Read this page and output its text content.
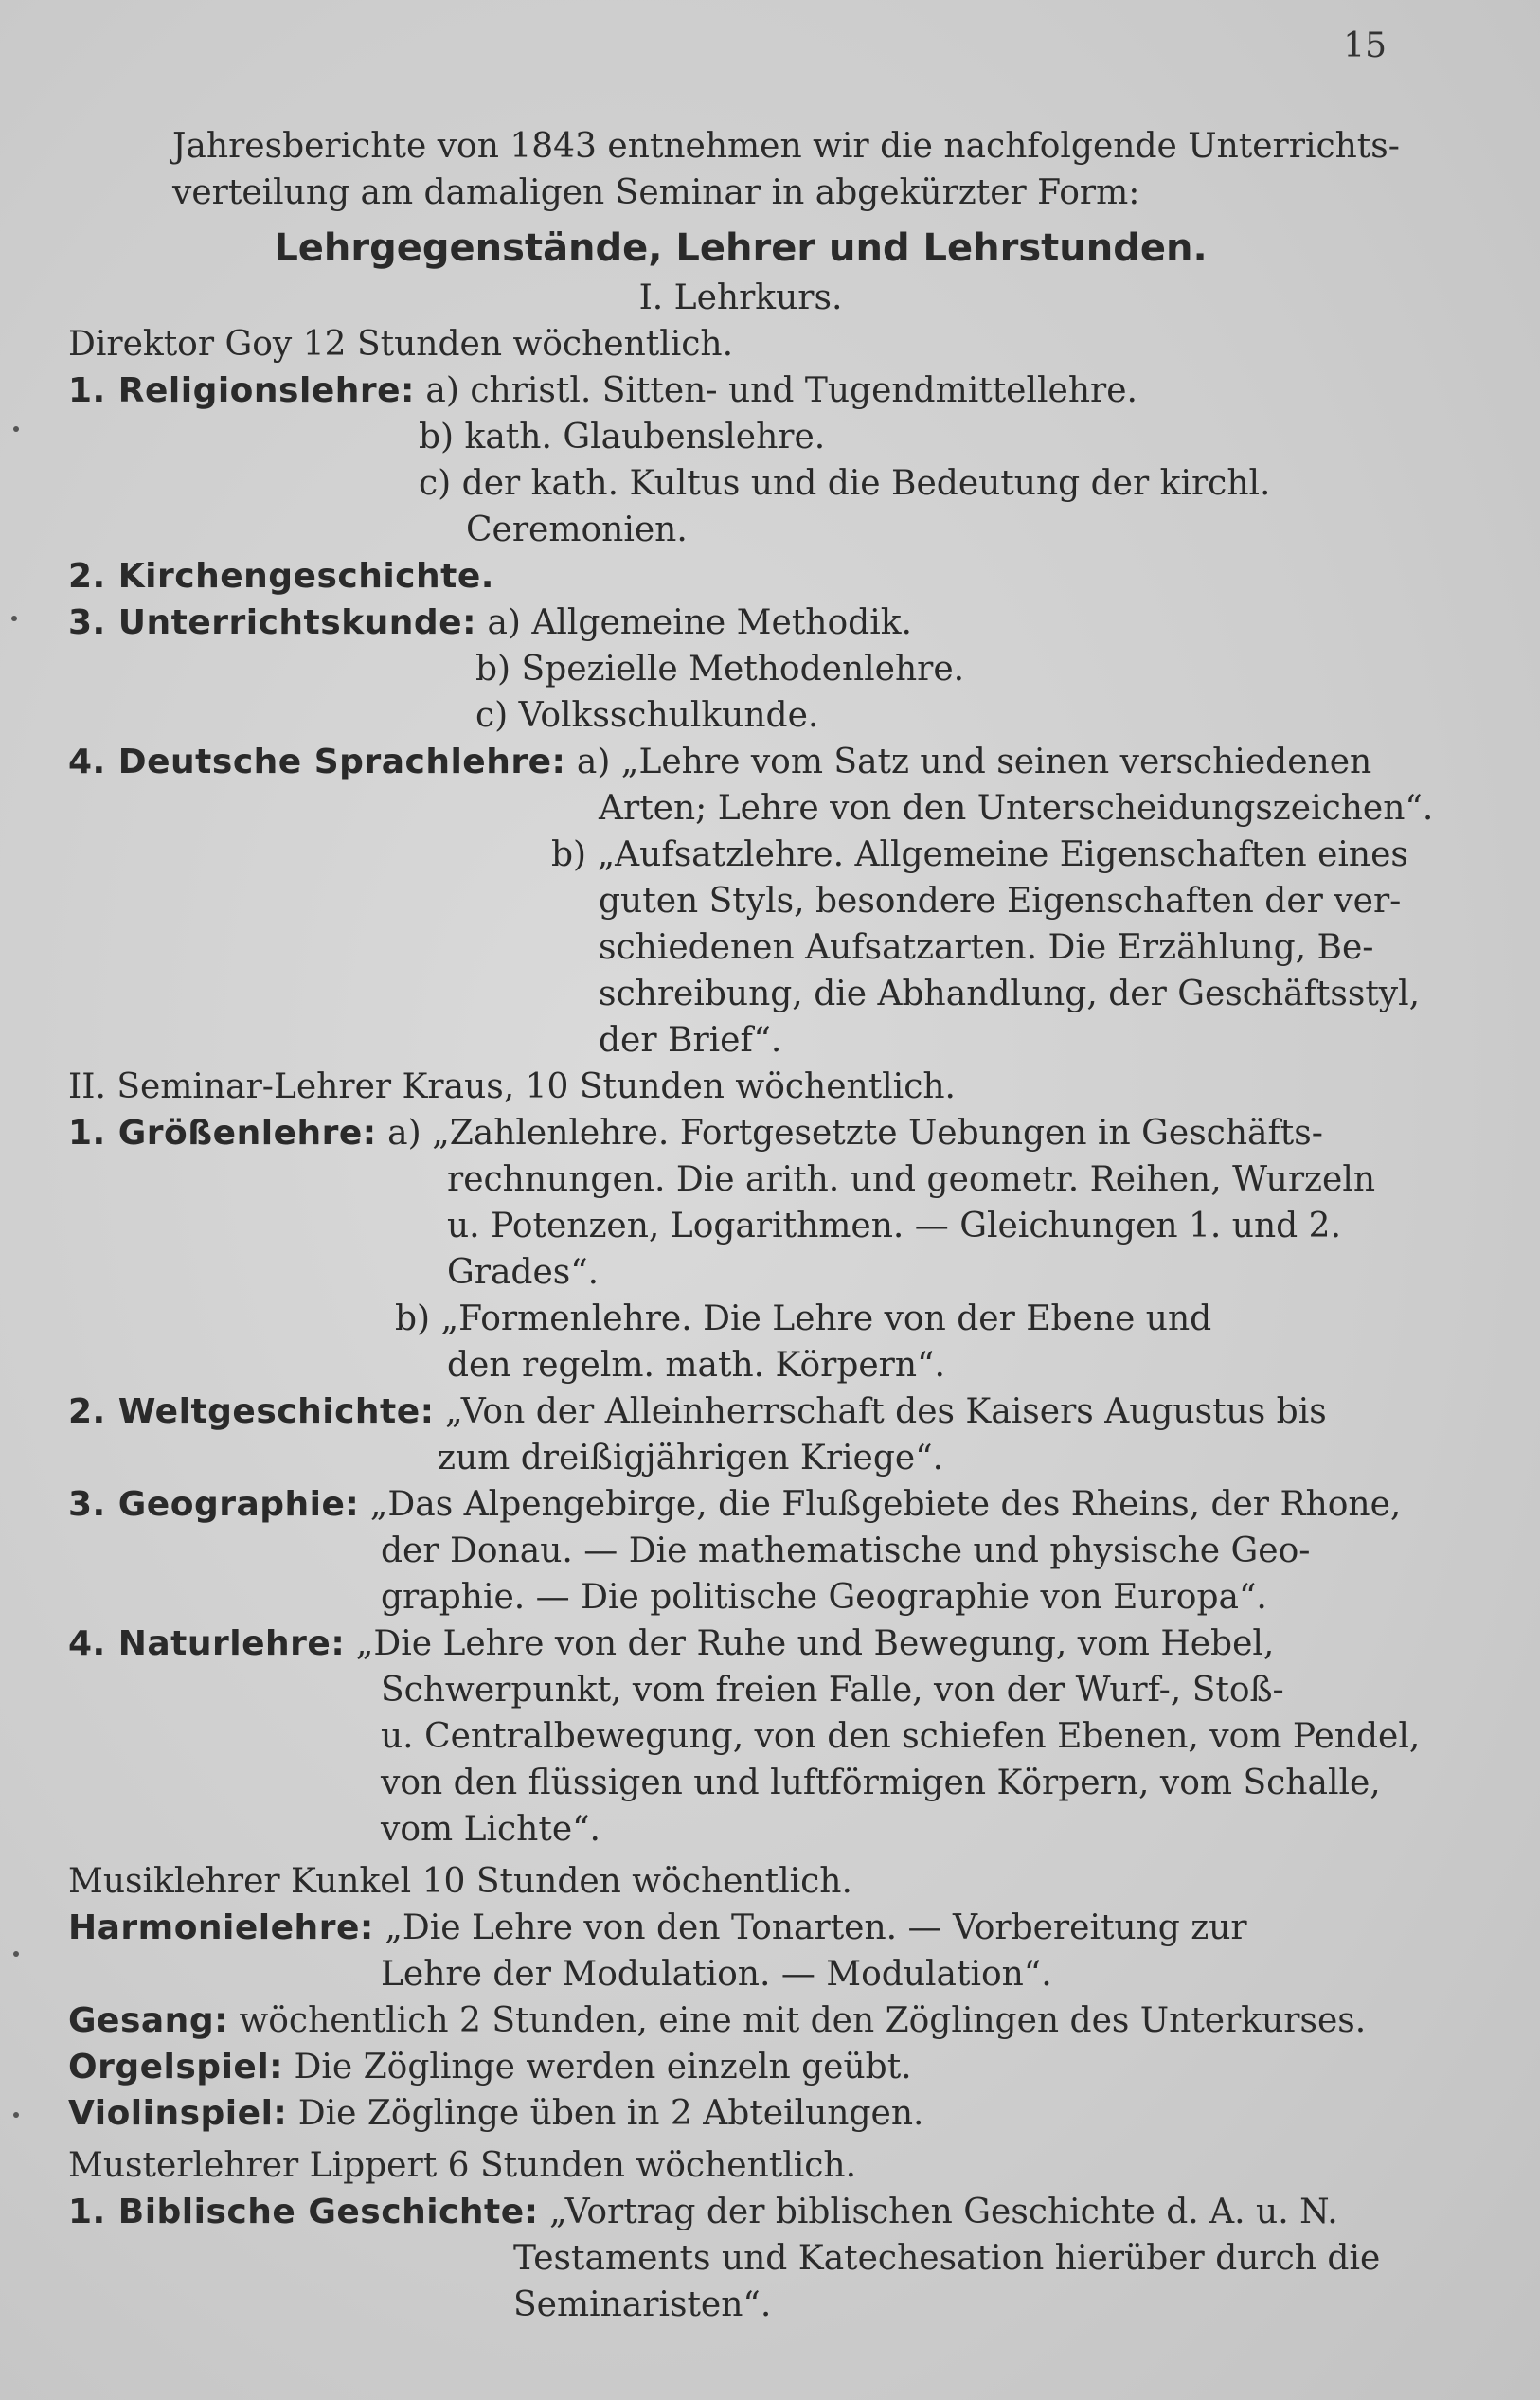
15
Jahresberichte von 1843 entnehmen wir die nachfolgende Unterrichts-
verteilung am damaligen Seminar in abgekürzter Form:
Lehrgegenstände, Lehrer und Lehrstunden.
I. Lehrkurs.
Direktor Goy 12 Stunden wöchentlich.
1. Religionslehre: a) christl. Sitten- und Tugendmittellehre.
b) kath. Glaubenslehre.
c) der kath. Kultus und die Bedeutung der kirchl.
Ceremonien.
2. Kirchengeschichte.
3. Unterrichtskunde: a) Allgemeine Methodik.
b) Spezielle Methodenlehre.
c) Volksschulkunde.
4. Deutsche Sprachlehre: a) „Lehre vom Satz und seinen verschiedenen
Arten; Lehre von den Unterscheidungszeichen“.
b) „Aufsatzlehre. Allgemeine Eigenschaften eines
guten Styls, besondere Eigenschaften der ver-
schiedenen Aufsatzarten. Die Erzählung, Be-
schreibung, die Abhandlung, der Geschäftsstyl,
der Brief“.
II. Seminar-Lehrer Kraus, 10 Stunden wöchentlich.
1. Größenlehre: a) „Zahlenlehre. Fortgesetzte Uebungen in Geschäfts-
rechnungen. Die arith. und geometr. Reihen, Wurzeln
u. Potenzen, Logarithmen. — Gleichungen 1. und 2.
Grades“.
b) „Formenlehre. Die Lehre von der Ebene und
den regelm. math. Körpern“.
2. Weltgeschichte: „Von der Alleinherrschaft des Kaisers Augustus bis
zum dreißigjährigen Kriege“.
3. Geographie: „Das Alpengebirge, die Flußgebiete des Rheins, der Rhone,
der Donau. — Die mathematische und physische Geo-
graphie. — Die politische Geographie von Europa“.
4. Naturlehre: „Die Lehre von der Ruhe und Bewegung, vom Hebel,
Schwerpunkt, vom freien Falle, von der Wurf-, Stoß-
u. Centralbewegung, von den schiefen Ebenen, vom Pendel,
von den flüssigen und luftförmigen Körpern, vom Schalle,
vom Lichte“.
Musiklehrer Kunkel 10 Stunden wöchentlich.
Harmonielehre: „Die Lehre von den Tonarten. — Vorbereitung zur
Lehre der Modulation. — Modulation“.
Gesang: wöchentlich 2 Stunden, eine mit den Zöglingen des Unterkurses.
Orgelspiel: Die Zöglinge werden einzeln geübt.
Violinspiel: Die Zöglinge üben in 2 Abteilungen.
Musterlehrer Lippert 6 Stunden wöchentlich.
1. Biblische Geschichte: „Vortrag der biblischen Geschichte d. A. u. N.
Testaments und Katechesation hierüber durch die
Seminaristen“.
